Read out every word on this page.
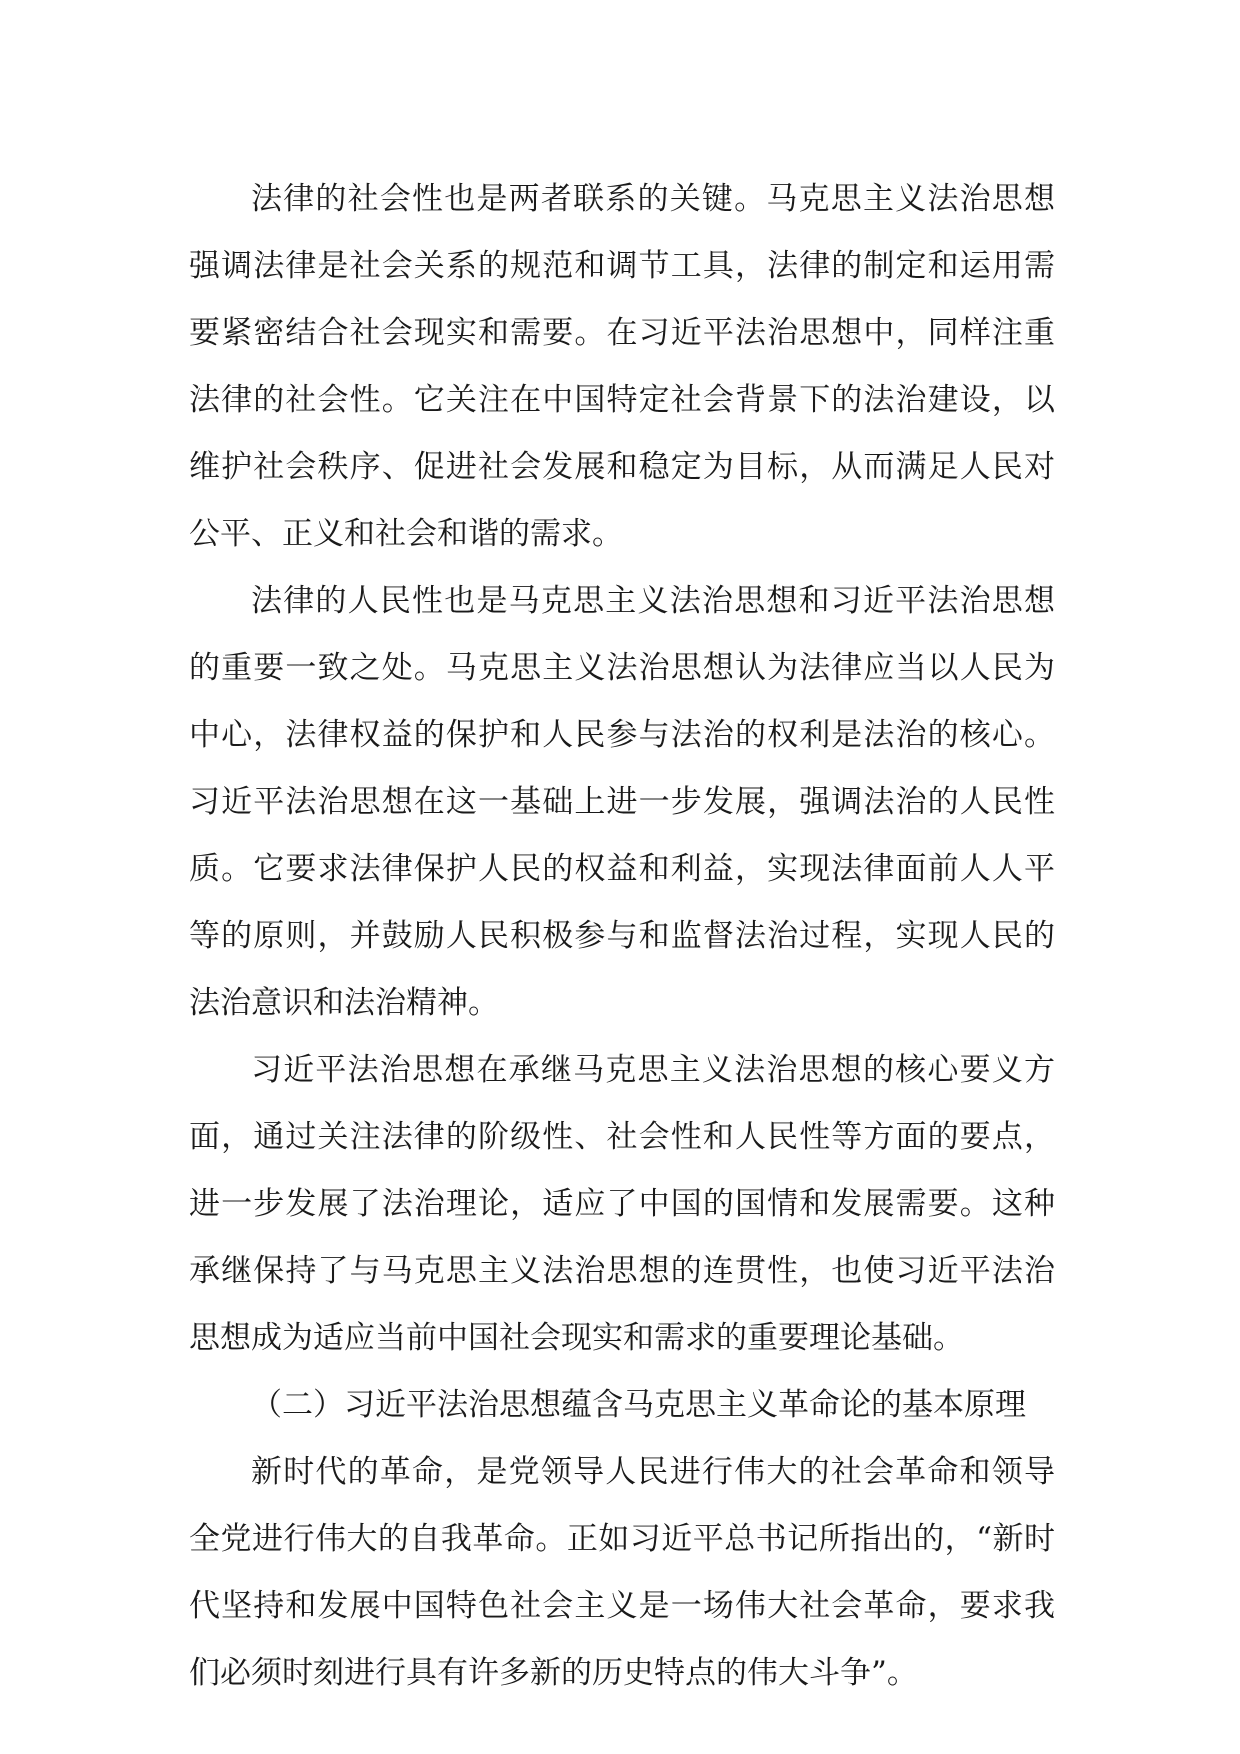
法律的社会性也是两者联系的关键。马克思主义法治思想强调法律是社会关系的规范和调节工具，法律的制定和运用需要紧密结合社会现实和需要。在习近平法治思想中，同样注重法律的社会性。它关注在中国特定社会背景下的法治建设，以维护社会秩序、促进社会发展和稳定为目标，从而满足人民对公平、正义和社会和谐的需求。

法律的人民性也是马克思主义法治思想和习近平法治思想的重要一致之处。马克思主义法治思想认为法律应当以人民为中心，法律权益的保护和人民参与法治的权利是法治的核心。习近平法治思想在这一基础上进一步发展，强调法治的人民性质。它要求法律保护人民的权益和利益，实现法律面前人人平等的原则，并鼓励人民积极参与和监督法治过程，实现人民的法治意识和法治精神。

习近平法治思想在承继马克思主义法治思想的核心要义方面，通过关注法律的阶级性、社会性和人民性等方面的要点，进一步发展了法治理论，适应了中国的国情和发展需要。这种承继保持了与马克思主义法治思想的连贯性，也使习近平法治思想成为适应当前中国社会现实和需求的重要理论基础。

（二）习近平法治思想蕴含马克思主义革命论的基本原理

新时代的革命，是党领导人民进行伟大的社会革命和领导全党进行伟大的自我革命。正如习近平总书记所指出的，“新时代坚持和发展中国特色社会主义是一场伟大社会革命，要求我们必须时刻进行具有许多新的历史特点的伟大斗争”。
